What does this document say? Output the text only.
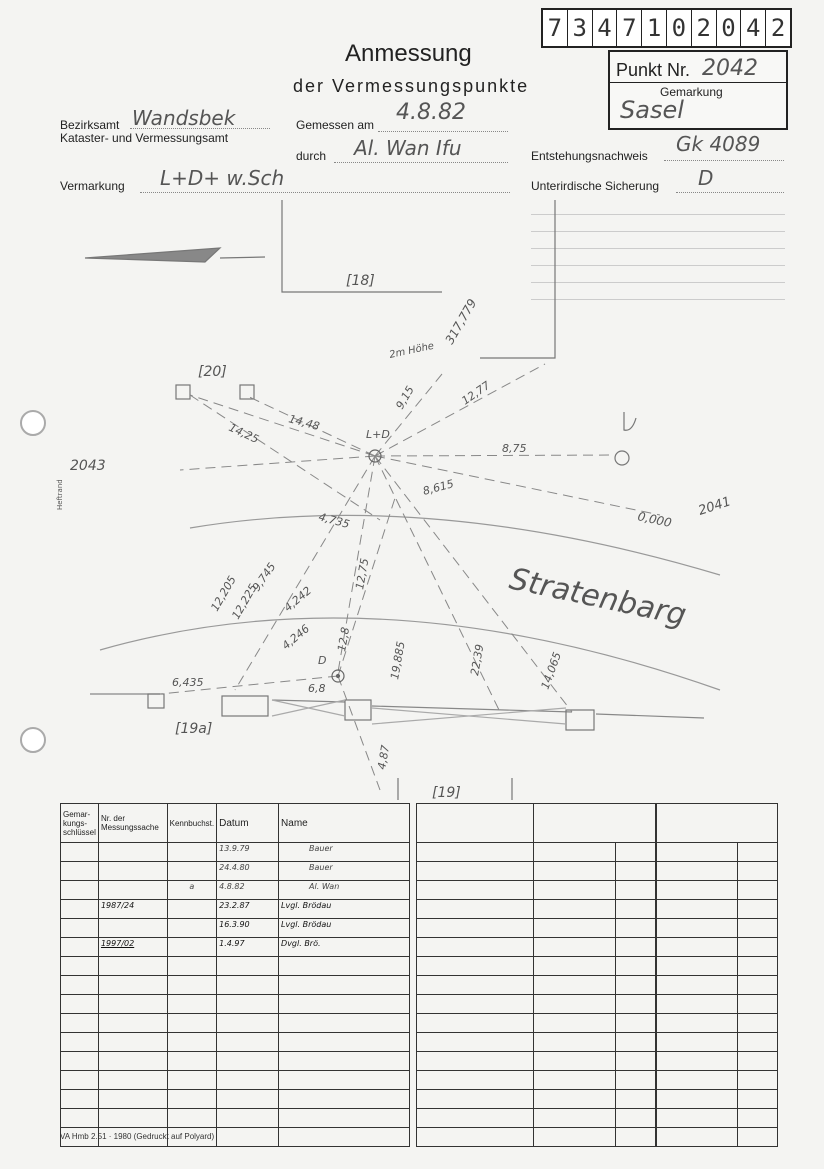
7 3 4 7 1 0 2 0 4 2
Anmessung
der Vermessungspunkte
Punkt Nr. 2042
Gemarkung
Sasel
Bezirksamt Wandsbek
Kataster- und Vermessungsamt
Gemessen am 4.8.82
durch Al. Wan Ifu	Entstehungsnachweis Gk 4089
Vermarkung L+D+ w.Sch	Unterirdische Sicherung D
[18]
[20]
[19a]
[19]
2043
2041
L+D
D
Stratenbarg
2m Höhe
Heftrand
317,779
9,15	12,77
14,48
14,25
8,75
8,615
0,000
4,735
12,205
12,225
9,745
4,242
4,246
12,75
22,39	14,065
19,885
6,435	6,8
4,87
12,8
Gemar-kungs-schlüssel	Nr. der Messungssache	Kennbuchst.	Datum	Name
			13.9.79	Bauer
			24.4.80	Bauer
		a	4.8.82	Al. Wan
	1987/24		23.2.87	Lvgl. Brödau
			16.3.90	Lvgl. Brödau
	1997/02		1.4.97	Dvgl. Brö.

VA Hmb 2.51 · 1980 (Gedruckt auf Polyard)
